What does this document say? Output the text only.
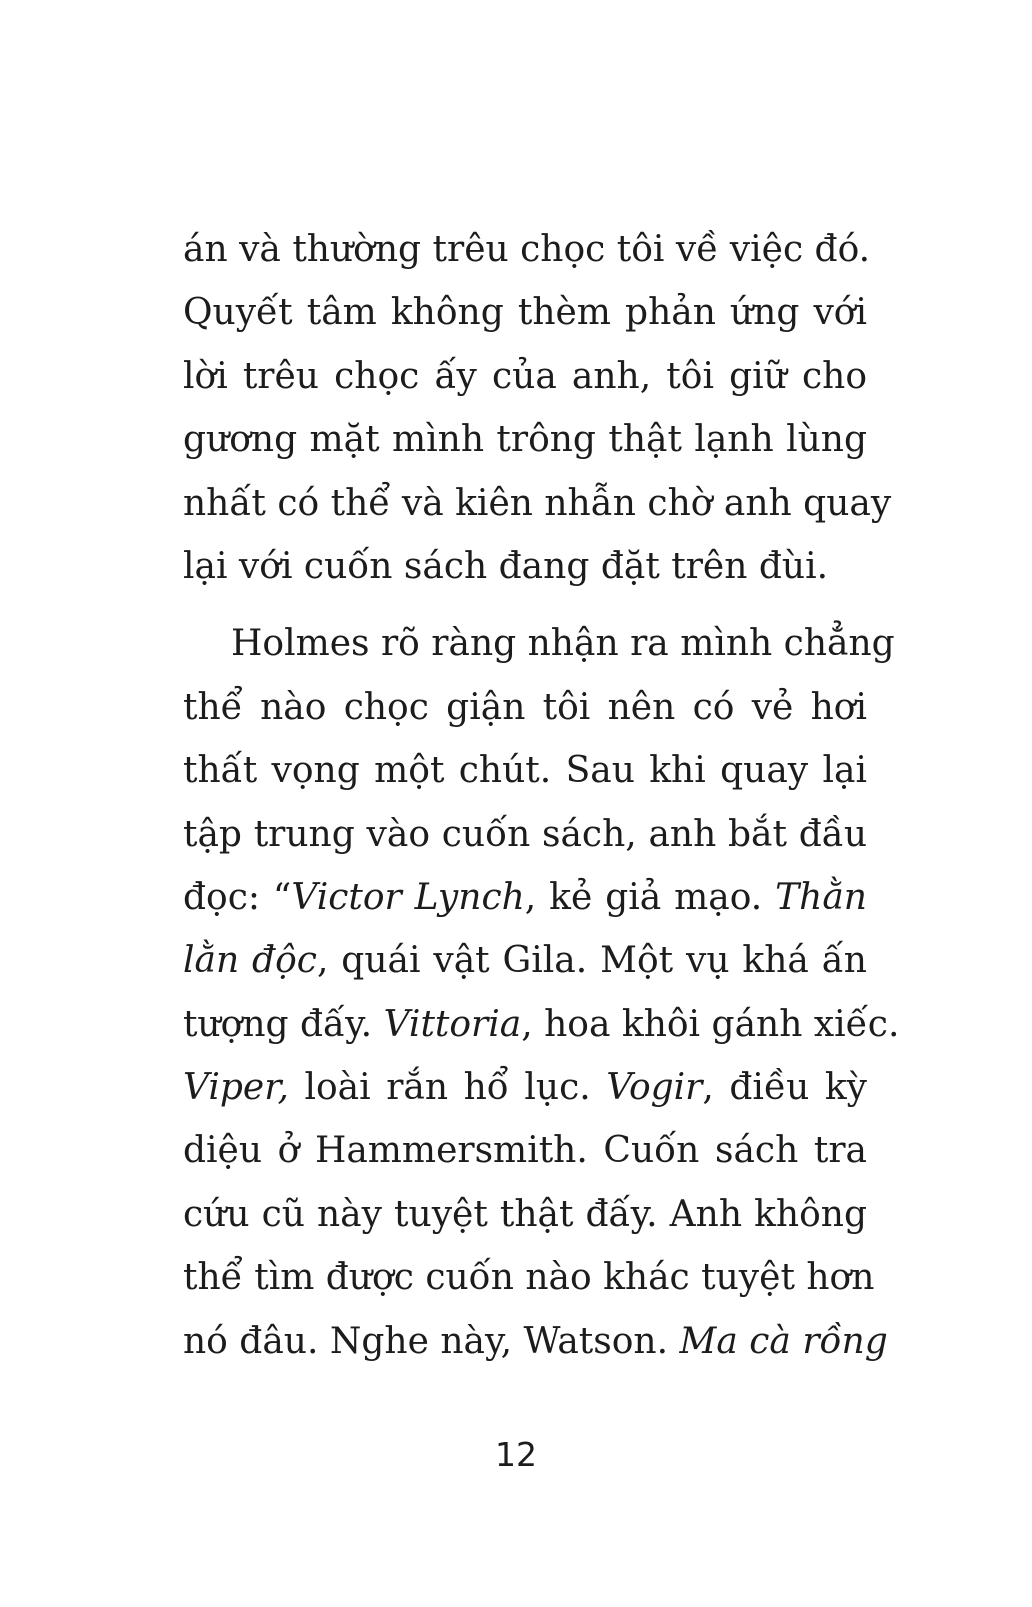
án và thường trêu chọc tôi về việc đó.
Quyết tâm không thèm phản ứng với
lời trêu chọc ấy của anh, tôi giữ cho
gương mặt mình trông thật lạnh lùng
nhất có thể và kiên nhẫn chờ anh quay
lại với cuốn sách đang đặt trên đùi.
Holmes rõ ràng nhận ra mình chẳng
thể nào chọc giận tôi nên có vẻ hơi
thất vọng một chút. Sau khi quay lại
tập trung vào cuốn sách, anh bắt đầu
đọc: “Victor Lynch, kẻ giả mạo. Thằn
lằn độc, quái vật Gila. Một vụ khá ấn
tượng đấy. Vittoria, hoa khôi gánh xiếc.
Viper, loài rắn hổ lục. Vogir, điều kỳ
diệu ở Hammersmith. Cuốn sách tra
cứu cũ này tuyệt thật đấy. Anh không
thể tìm được cuốn nào khác tuyệt hơn
nó đâu. Nghe này, Watson. Ma cà rồng
12
